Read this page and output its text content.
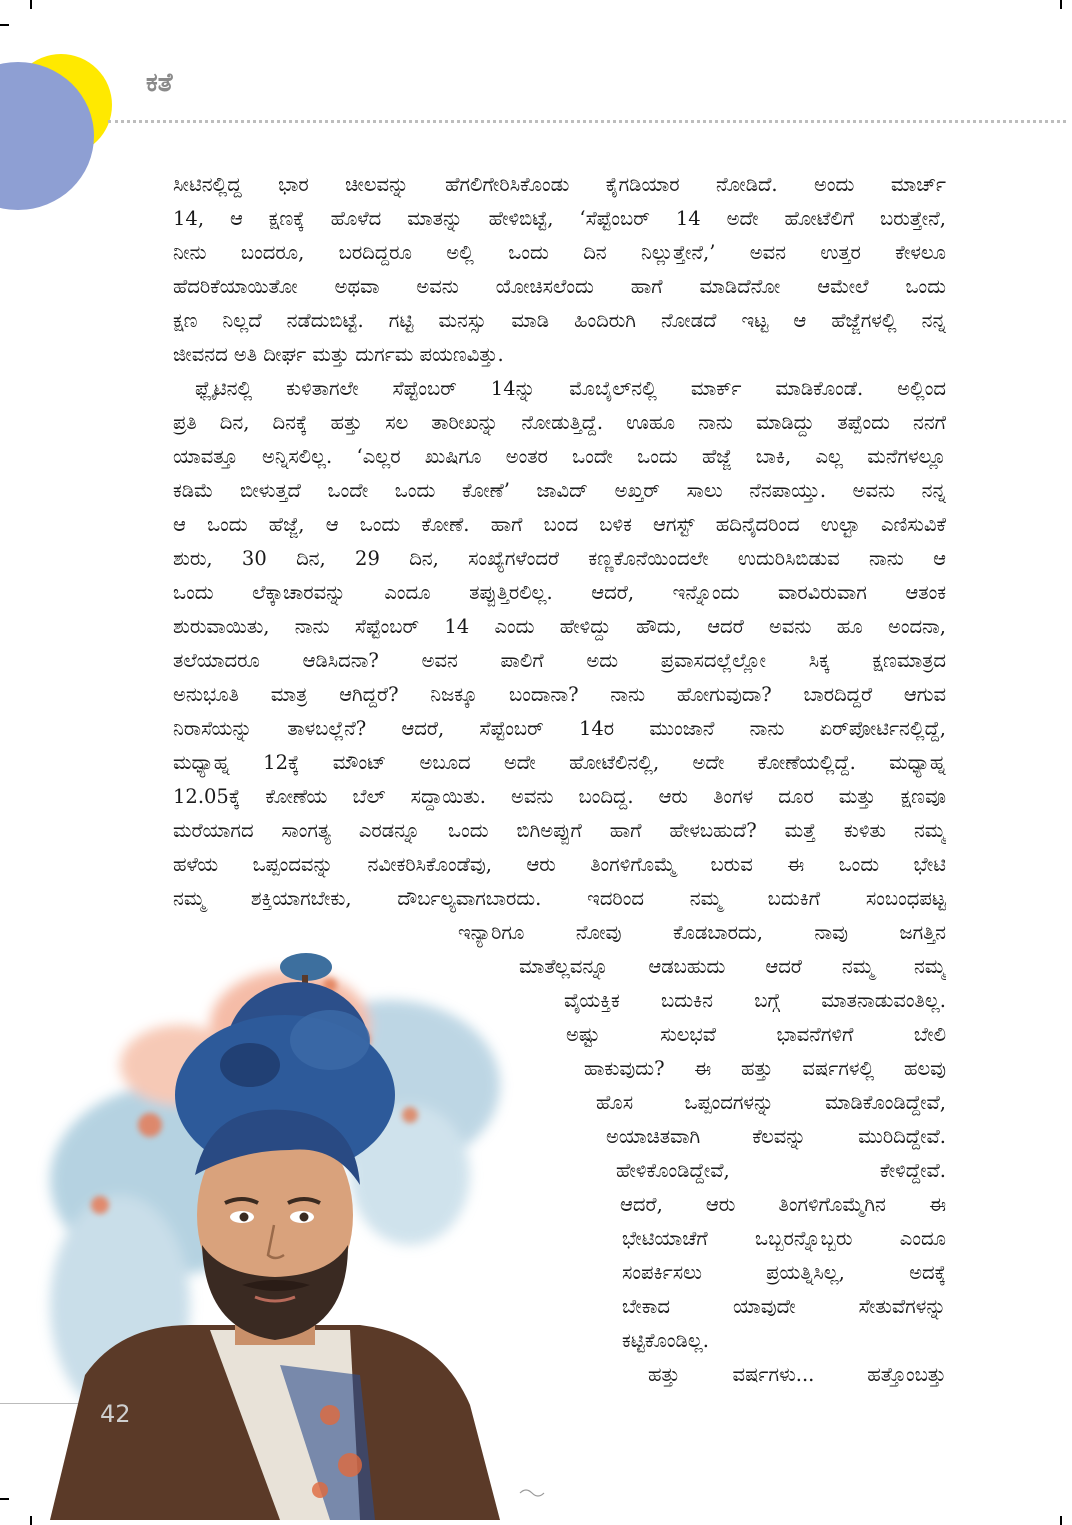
ಕತೆ
ಸೀಟಿನಲ್ಲಿದ್ದ ಭಾರ ಚೀಲವನ್ನು ಹೆಗಲಿಗೇರಿಸಿಕೊಂಡು ಕೈಗಡಿಯಾರ ನೋಡಿದೆ. ಅಂದು ಮಾರ್ಚ್
14, ಆ ಕ್ಷಣಕ್ಕೆ ಹೊಳೆದ ಮಾತನ್ನು ಹೇಳಿಬಿಟ್ಟೆ, ‘ಸೆಪ್ಟೆಂಬರ್ 14 ಅದೇ ಹೋಟೆಲಿಗೆ ಬರುತ್ತೇನೆ,
ನೀನು ಬಂದರೂ, ಬರದಿದ್ದರೂ ಅಲ್ಲಿ ಒಂದು ದಿನ ನಿಲ್ಲುತ್ತೇನೆ,’ ಅವನ ಉತ್ತರ ಕೇಳಲೂ
ಹೆದರಿಕೆಯಾಯಿತೋ ಅಥವಾ ಅವನು ಯೋಚಿಸಲೆಂದು ಹಾಗೆ ಮಾಡಿದೆನೋ ಆಮೇಲೆ ಒಂದು
ಕ್ಷಣ ನಿಲ್ಲದೆ ನಡೆದುಬಿಟ್ಟೆ. ಗಟ್ಟಿ ಮನಸ್ಸು ಮಾಡಿ ಹಿಂದಿರುಗಿ ನೋಡದೆ ಇಟ್ಟ ಆ ಹೆಜ್ಜೆಗಳಲ್ಲಿ ನನ್ನ
ಜೀವನದ ಅತಿ ದೀರ್ಘ ಮತ್ತು ದುರ್ಗಮ ಪಯಣವಿತ್ತು.
ಫ್ಲೈಟಿನಲ್ಲಿ ಕುಳಿತಾಗಲೇ ಸೆಪ್ಟೆಂಬರ್ 14ನ್ನು ಮೊಬೈಲ್‌ನಲ್ಲಿ ಮಾರ್ಕ್ ಮಾಡಿಕೊಂಡೆ. ಅಲ್ಲಿಂದ
ಪ್ರತಿ ದಿನ, ದಿನಕ್ಕೆ ಹತ್ತು ಸಲ ತಾರೀಖನ್ನು ನೋಡುತ್ತಿದ್ದೆ. ಊಹೂ ನಾನು ಮಾಡಿದ್ದು ತಪ್ಪೆಂದು ನನಗೆ
ಯಾವತ್ತೂ ಅನ್ನಿಸಲಿಲ್ಲ. ‘ಎಲ್ಲರ ಖುಷಿಗೂ ಅಂತರ ಒಂದೇ ಒಂದು ಹೆಜ್ಜೆ ಬಾಕಿ, ಎಲ್ಲ ಮನೆಗಳಲ್ಲೂ
ಕಡಿಮೆ ಬೀಳುತ್ತದೆ ಒಂದೇ ಒಂದು ಕೋಣೆ’ ಜಾವಿದ್ ಅಖ್ತರ್ ಸಾಲು ನೆನಪಾಯ್ತು. ಅವನು ನನ್ನ
ಆ ಒಂದು ಹೆಜ್ಜೆ, ಆ ಒಂದು ಕೋಣೆ. ಹಾಗೆ ಬಂದ ಬಳಿಕ ಆಗಸ್ಟ್ ಹದಿನೈದರಿಂದ ಉಲ್ಟಾ ಎಣಿಸುವಿಕೆ
ಶುರು, 30 ದಿನ, 29 ದಿನ, ಸಂಖ್ಯೆಗಳೆಂದರೆ ಕಣ್ಣಕೊನೆಯಿಂದಲೇ ಉದುರಿಸಿಬಿಡುವ ನಾನು ಆ
ಒಂದು ಲೆಕ್ಕಾಚಾರವನ್ನು ಎಂದೂ ತಪ್ಪುತ್ತಿರಲಿಲ್ಲ. ಆದರೆ, ಇನ್ನೊಂದು ವಾರವಿರುವಾಗ ಆತಂಕ
ಶುರುವಾಯಿತು, ನಾನು ಸೆಪ್ಟೆಂಬರ್ 14 ಎಂದು ಹೇಳಿದ್ದು ಹೌದು, ಆದರೆ ಅವನು ಹೂ ಅಂದನಾ,
ತಲೆಯಾದರೂ ಆಡಿಸಿದನಾ? ಅವನ ಪಾಲಿಗೆ ಅದು ಪ್ರವಾಸದಲ್ಲೆಲ್ಲೋ ಸಿಕ್ಕ ಕ್ಷಣಮಾತ್ರದ
ಅನುಭೂತಿ ಮಾತ್ರ ಆಗಿದ್ದರೆ? ನಿಜಕ್ಕೂ ಬಂದಾನಾ? ನಾನು ಹೋಗುವುದಾ? ಬಾರದಿದ್ದರೆ ಆಗುವ
ನಿರಾಸೆಯನ್ನು ತಾಳಬಲ್ಲೆನೆ? ಆದರೆ, ಸೆಪ್ಟೆಂಬರ್ 14ರ ಮುಂಜಾನೆ ನಾನು ಏರ್‌ಪೋರ್ಟಿನಲ್ಲಿದ್ದೆ,
ಮಧ್ಯಾಹ್ನ 12ಕ್ಕೆ ಮೌಂಟ್ ಅಬೂದ ಅದೇ ಹೋಟೆಲಿನಲ್ಲಿ, ಅದೇ ಕೋಣೆಯಲ್ಲಿದ್ದೆ. ಮಧ್ಯಾಹ್ನ
12.05ಕ್ಕೆ ಕೋಣೆಯ ಬೆಲ್ ಸದ್ದಾಯಿತು. ಅವನು ಬಂದಿದ್ದ. ಆರು ತಿಂಗಳ ದೂರ ಮತ್ತು ಕ್ಷಣವೂ
ಮರೆಯಾಗದ ಸಾಂಗತ್ಯ ಎರಡನ್ನೂ ಒಂದು ಬಿಗಿಅಪ್ಪುಗೆ ಹಾಗೆ ಹೇಳಬಹುದೆ? ಮತ್ತೆ ಕುಳಿತು ನಮ್ಮ
ಹಳೆಯ ಒಪ್ಪಂದವನ್ನು ನವೀಕರಿಸಿಕೊಂಡೆವು, ಆರು ತಿಂಗಳಿಗೊಮ್ಮೆ ಬರುವ ಈ ಒಂದು ಭೇಟಿ
ನಮ್ಮ ಶಕ್ತಿಯಾಗಬೇಕು, ದೌರ್ಬಲ್ಯವಾಗಬಾರದು. ಇದರಿಂದ ನಮ್ಮ ಬದುಕಿಗೆ ಸಂಬಂಧಪಟ್ಟ
ಇನ್ಯಾರಿಗೂ ನೋವು ಕೊಡಬಾರದು, ನಾವು ಜಗತ್ತಿನ
ಮಾತೆಲ್ಲವನ್ನೂ ಆಡಬಹುದು ಆದರೆ ನಮ್ಮ ನಮ್ಮ
ವೈಯಕ್ತಿಕ ಬದುಕಿನ ಬಗ್ಗೆ ಮಾತನಾಡುವಂತಿಲ್ಲ.
ಅಷ್ಟು ಸುಲಭವೆ ಭಾವನೆಗಳಿಗೆ ಬೇಲಿ
ಹಾಕುವುದು? ಈ ಹತ್ತು ವರ್ಷಗಳಲ್ಲಿ ಹಲವು
ಹೊಸ ಒಪ್ಪಂದಗಳನ್ನು ಮಾಡಿಕೊಂಡಿದ್ದೇವೆ,
ಅಯಾಚಿತವಾಗಿ ಕೆಲವನ್ನು ಮುರಿದಿದ್ದೇವೆ.
ಹೇಳಿಕೊಂಡಿದ್ದೇವೆ, ಕೇಳಿದ್ದೇವೆ.
ಆದರೆ, ಆರು ತಿಂಗಳಿಗೊಮ್ಮೆಗಿನ ಈ
ಭೇಟಿಯಾಚೆಗೆ ಒಬ್ಬರನ್ನೊಬ್ಬರು ಎಂದೂ
ಸಂಪರ್ಕಿಸಲು ಪ್ರಯತ್ನಿಸಿಲ್ಲ, ಅದಕ್ಕೆ
ಬೇಕಾದ ಯಾವುದೇ ಸೇತುವೆಗಳನ್ನು
ಕಟ್ಟಿಕೊಂಡಿಲ್ಲ.
ಹತ್ತು ವರ್ಷಗಳು... ಹತ್ತೊಂಬತ್ತು
42
